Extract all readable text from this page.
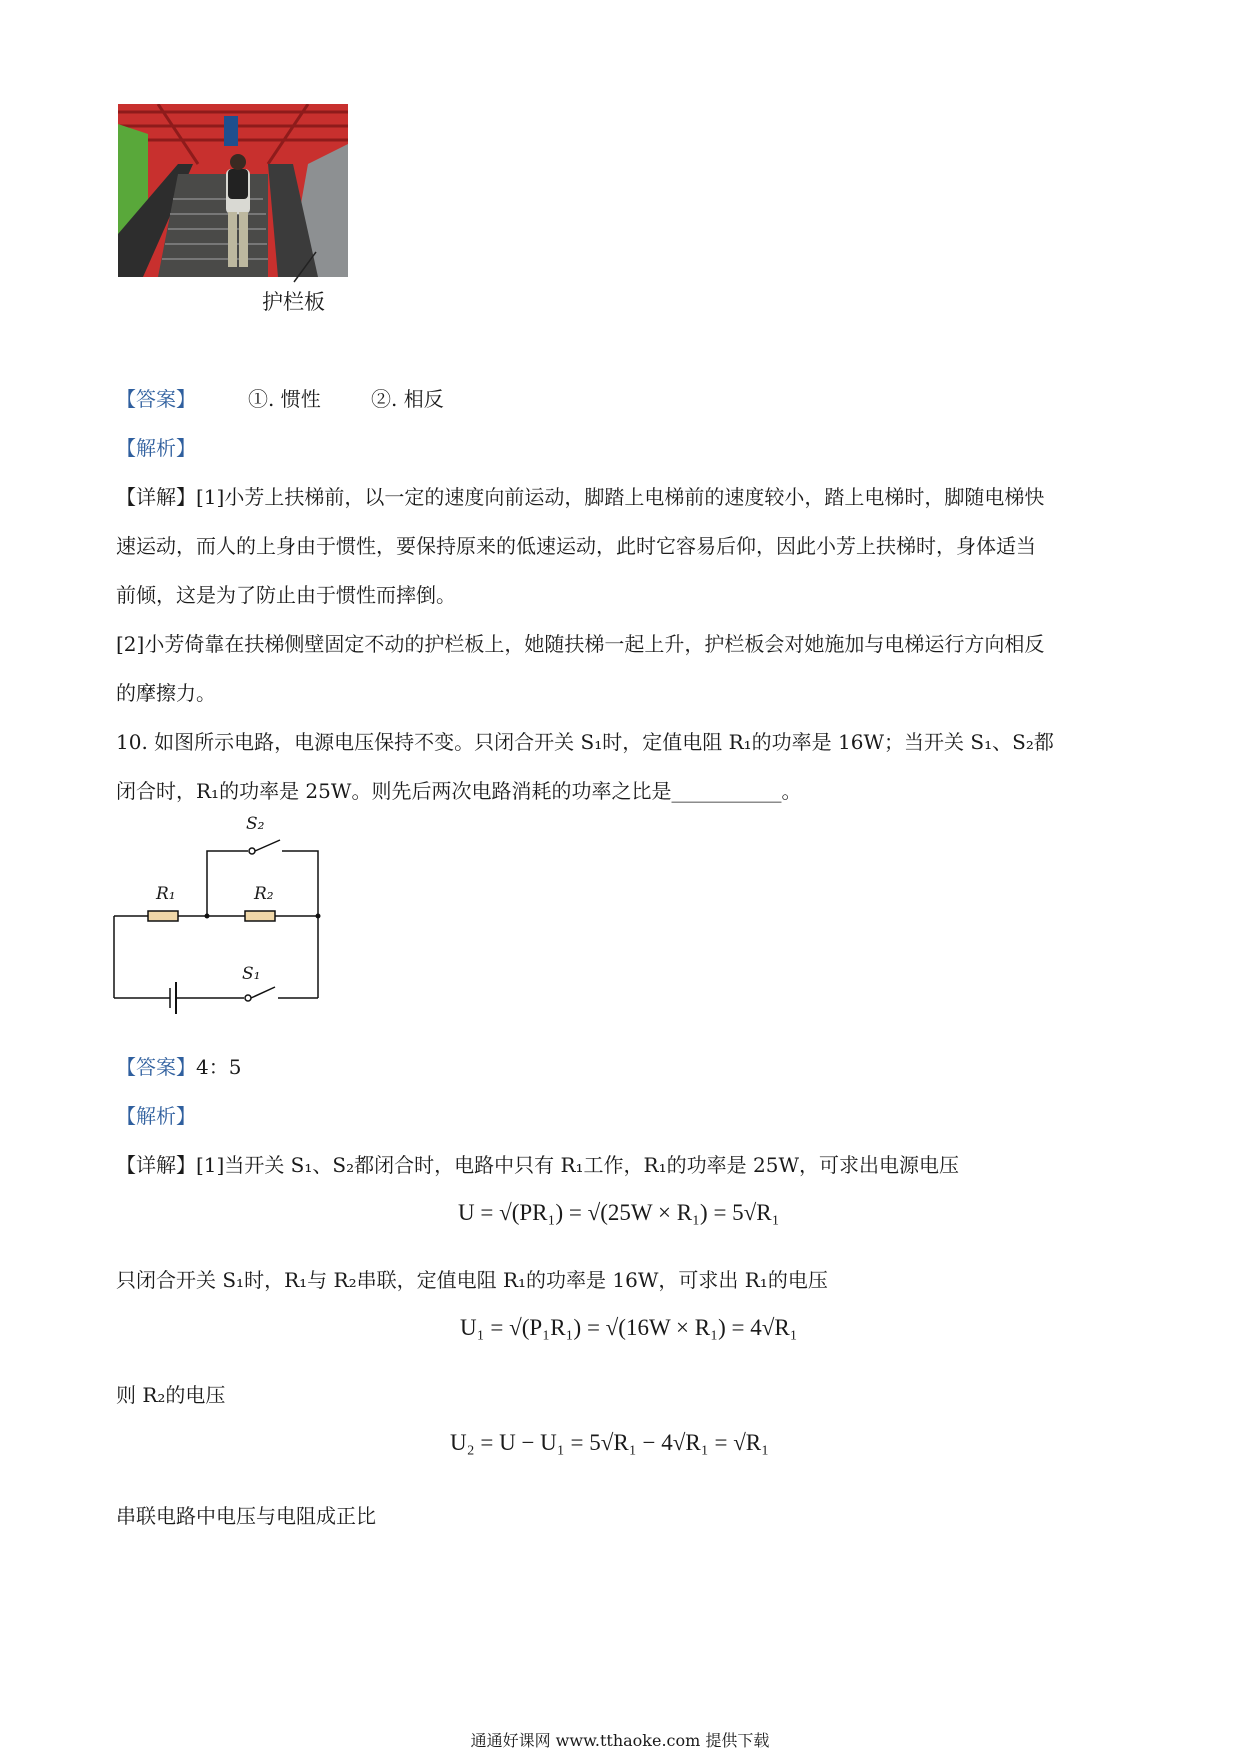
护栏板
【答案】	①. 惯性	②. 相反
【解析】
【详解】[1]小芳上扶梯前，以一定的速度向前运动，脚踏上电梯前的速度较小，踏上电梯时，脚随电梯快
速运动，而人的上身由于惯性，要保持原来的低速运动，此时它容易后仰，因此小芳上扶梯时，身体适当
前倾，这是为了防止由于惯性而摔倒。
[2]小芳倚靠在扶梯侧壁固定不动的护栏板上，她随扶梯一起上升，护栏板会对她施加与电梯运行方向相反
的摩擦力。
10. 如图所示电路，电源电压保持不变。只闭合开关 S₁时，定值电阻 R₁的功率是 16W；当开关 S₁、S₂都
闭合时，R₁的功率是 25W。则先后两次电路消耗的功率之比是___________。
S₂
R₁	R₂
S₁
【答案】4：5
【解析】
【详解】[1]当开关 S₁、S₂都闭合时，电路中只有 R₁工作，R₁的功率是 25W，可求出电源电压
U = √(PR₁) = √(25W × R₁) = 5√R₁
只闭合开关 S₁时，R₁与 R₂串联，定值电阻 R₁的功率是 16W，可求出 R₁的电压
U₁ = √(P₁R₁) = √(16W × R₁) = 4√R₁
则 R₂的电压
U₂ = U − U₁ = 5√R₁ − 4√R₁ = √R₁
串联电路中电压与电阻成正比
通通好课网 www.tthaoke.com 提供下载
